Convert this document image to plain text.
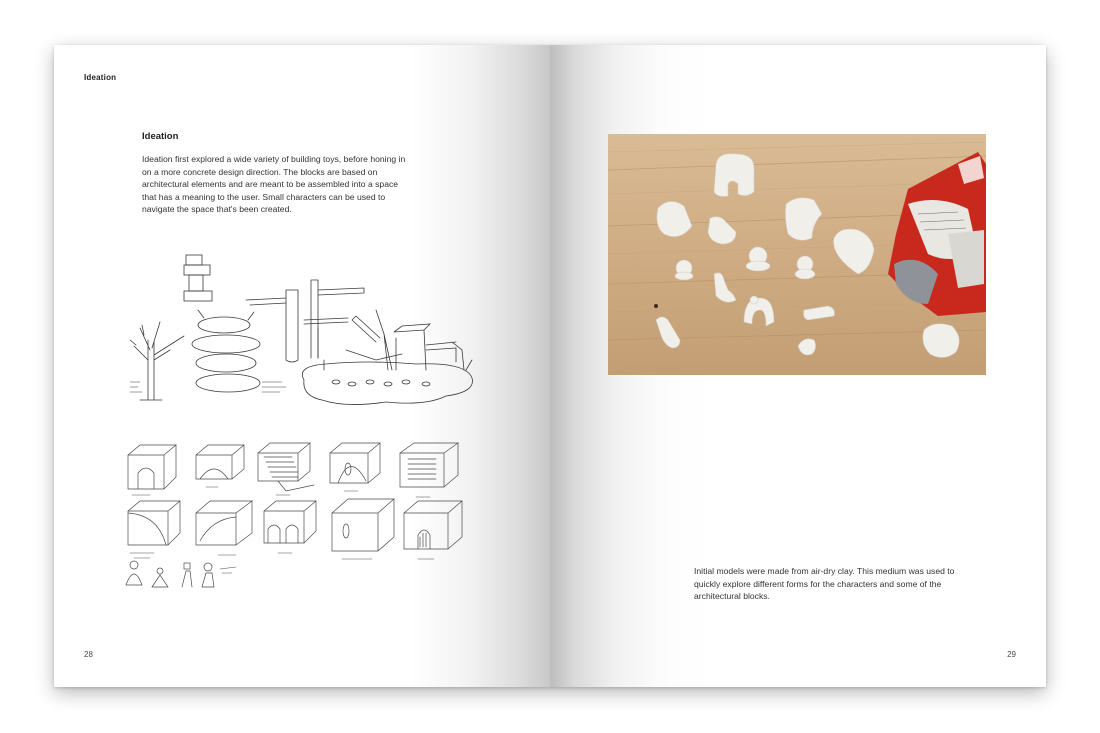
Ideation
Ideation
Ideation first explored a wide variety of building toys, before honing in on a more concrete design direction. The blocks are based on architectural elements and are meant to be assembled into a space that has a meaning to the user. Small characters can be used to navigate the space that's been created.
28
Initial models were made from air-dry clay. This medium was used to quickly explore different forms for the characters and some of the architectural blocks.
29
